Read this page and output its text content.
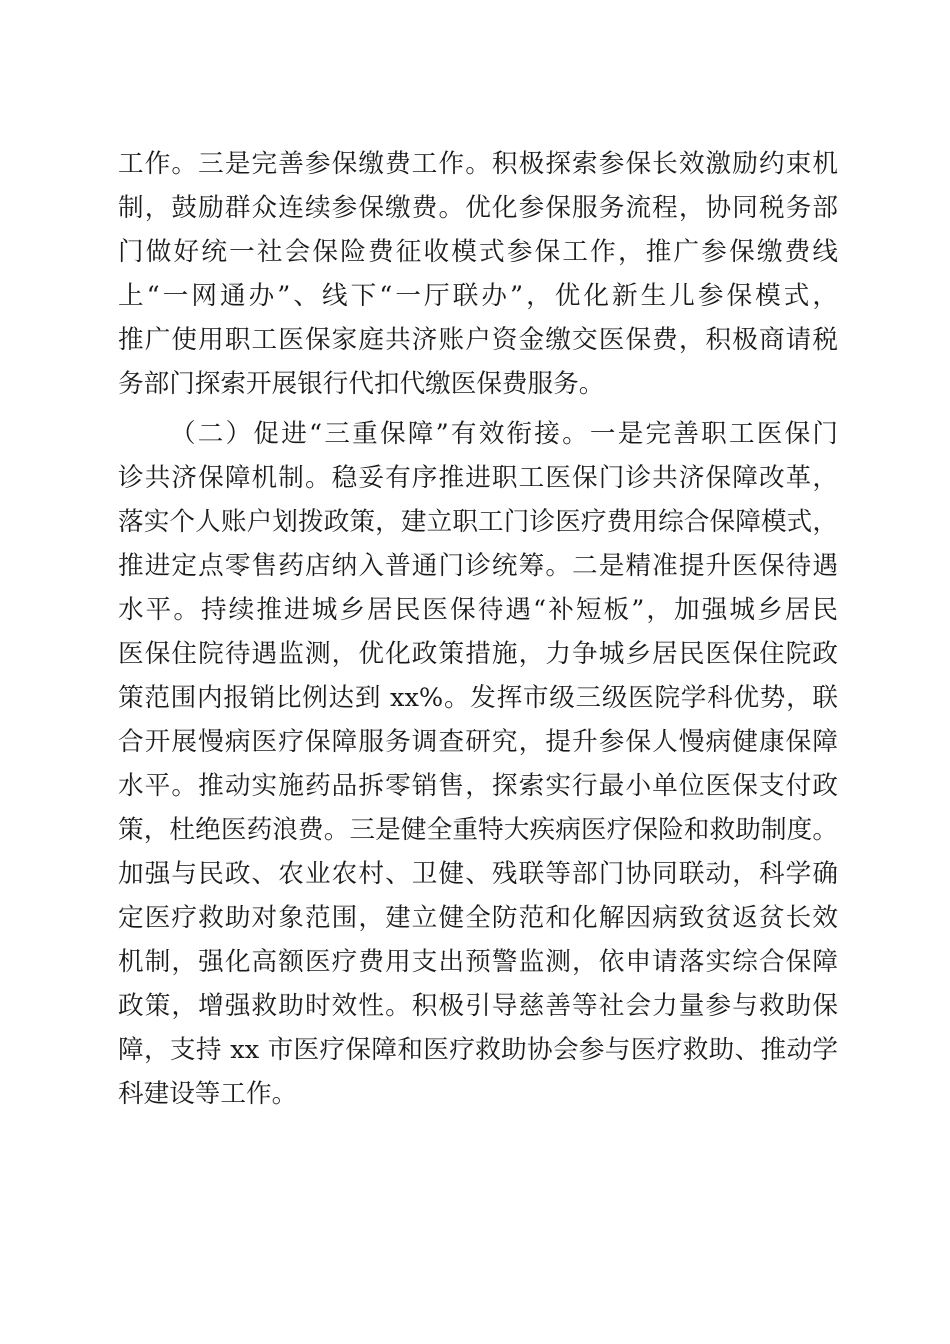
工作。三是完善参保缴费工作。积极探索参保长效激励约束机
制，鼓励群众连续参保缴费。优化参保服务流程，协同税务部
门做好统一社会保险费征收模式参保工作，推广参保缴费线
上“一网通办”、线下“一厅联办”，优化新生儿参保模式，
推广使用职工医保家庭共济账户资金缴交医保费，积极商请税
务部门探索开展银行代扣代缴医保费服务。
（二）促进“三重保障”有效衔接。一是完善职工医保门
诊共济保障机制。稳妥有序推进职工医保门诊共济保障改革，
落实个人账户划拨政策，建立职工门诊医疗费用综合保障模式，
推进定点零售药店纳入普通门诊统筹。二是精准提升医保待遇
水平。持续推进城乡居民医保待遇“补短板”，加强城乡居民
医保住院待遇监测，优化政策措施，力争城乡居民医保住院政
策范围内报销比例达到 xx%。发挥市级三级医院学科优势，联
合开展慢病医疗保障服务调查研究，提升参保人慢病健康保障
水平。推动实施药品拆零销售，探索实行最小单位医保支付政
策，杜绝医药浪费。三是健全重特大疾病医疗保险和救助制度。
加强与民政、农业农村、卫健、残联等部门协同联动，科学确
定医疗救助对象范围，建立健全防范和化解因病致贫返贫长效
机制，强化高额医疗费用支出预警监测，依申请落实综合保障
政策，增强救助时效性。积极引导慈善等社会力量参与救助保
障，支持 xx 市医疗保障和医疗救助协会参与医疗救助、推动学
科建设等工作。
